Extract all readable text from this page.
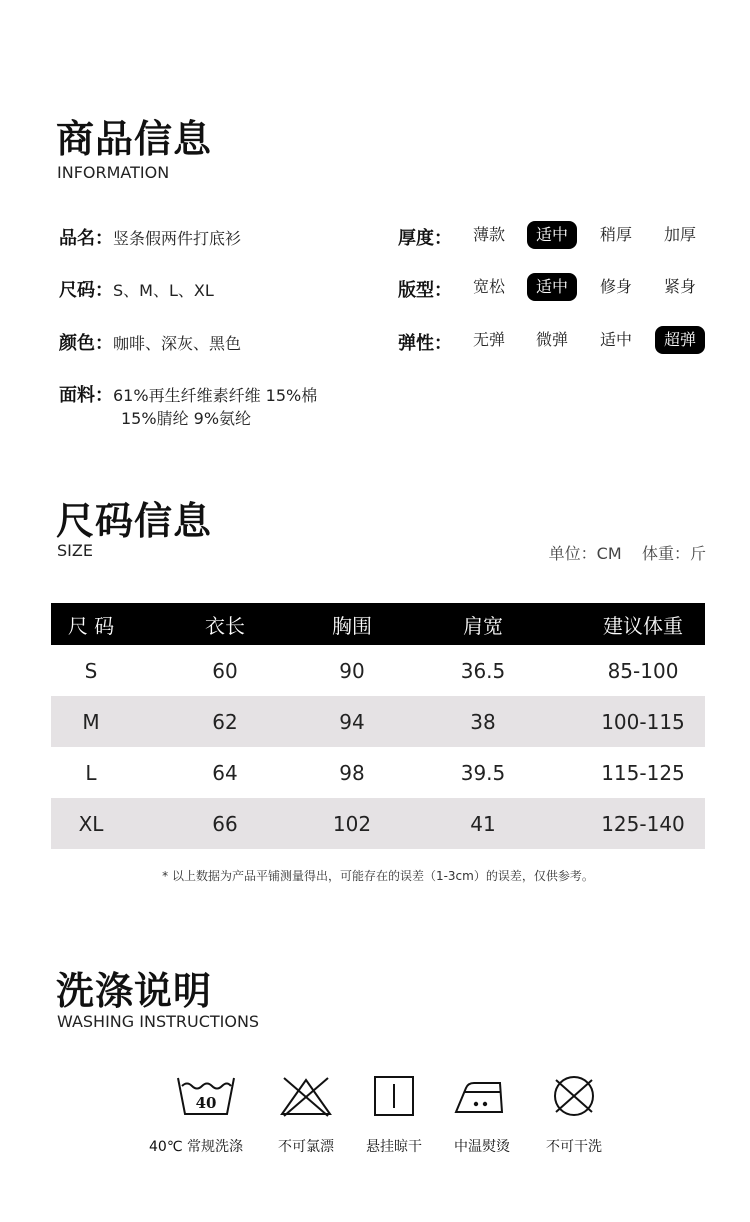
商品信息
INFORMATION
品名：竖条假两件打底衫
尺码：S、M、L、XL
颜色：咖啡、深灰、黑色
面料：61%再生纤维素纤维 15%棉
15%腈纶 9%氨纶
厚度：	薄款	适中	稍厚	加厚
版型：	宽松	适中	修身	紧身
弹性：	无弹	微弹	适中	超弹
尺码信息
SIZE	单位：CM    体重：斤
尺 码	衣长	胸围	肩宽	建议体重
S	60	90	36.5	85-100
M	62	94	38	100-115
L	64	98	39.5	115-125
XL	66	102	41	125-140
* 以上数据为产品平铺测量得出，可能存在的误差（1-3cm）的误差，仅供参考。
洗涤说明
WASHING INSTRUCTIONS
40
40℃ 常规洗涤	不可氯漂	悬挂晾干	中温熨烫	不可干洗
